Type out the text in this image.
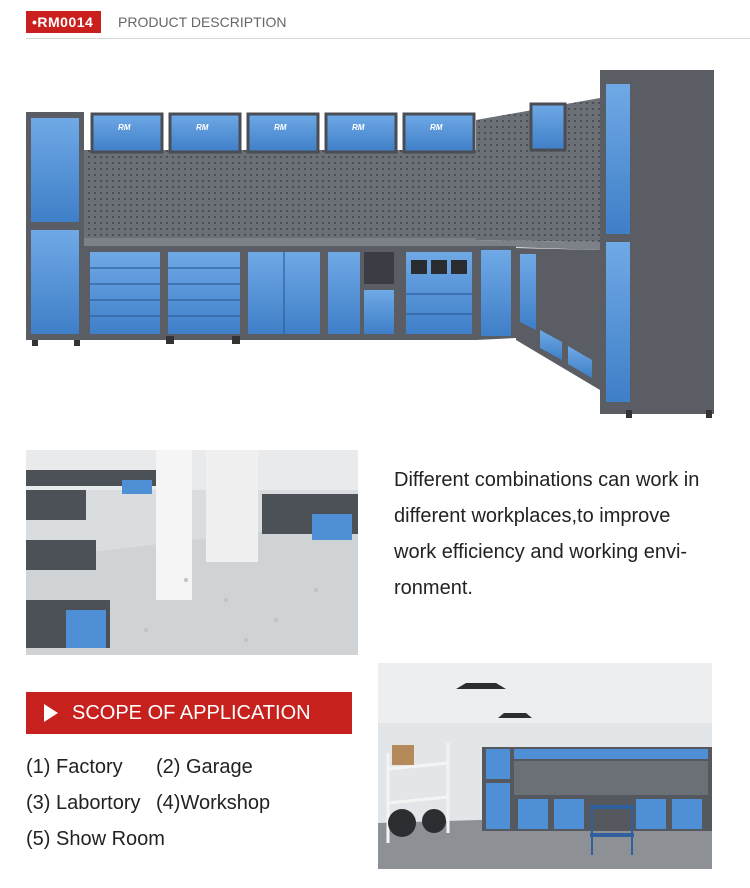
•RM0014	PRODUCT DESCRIPTION
RM	RM	RM	RM	RM
Different combinations can work in
different workplaces,to improve
work efficiency and working envi-
ronment.
SCOPE OF APPLICATION
(1) Factory (2) Garage
(3) Labortory (4)Workshop
(5) Show Room
